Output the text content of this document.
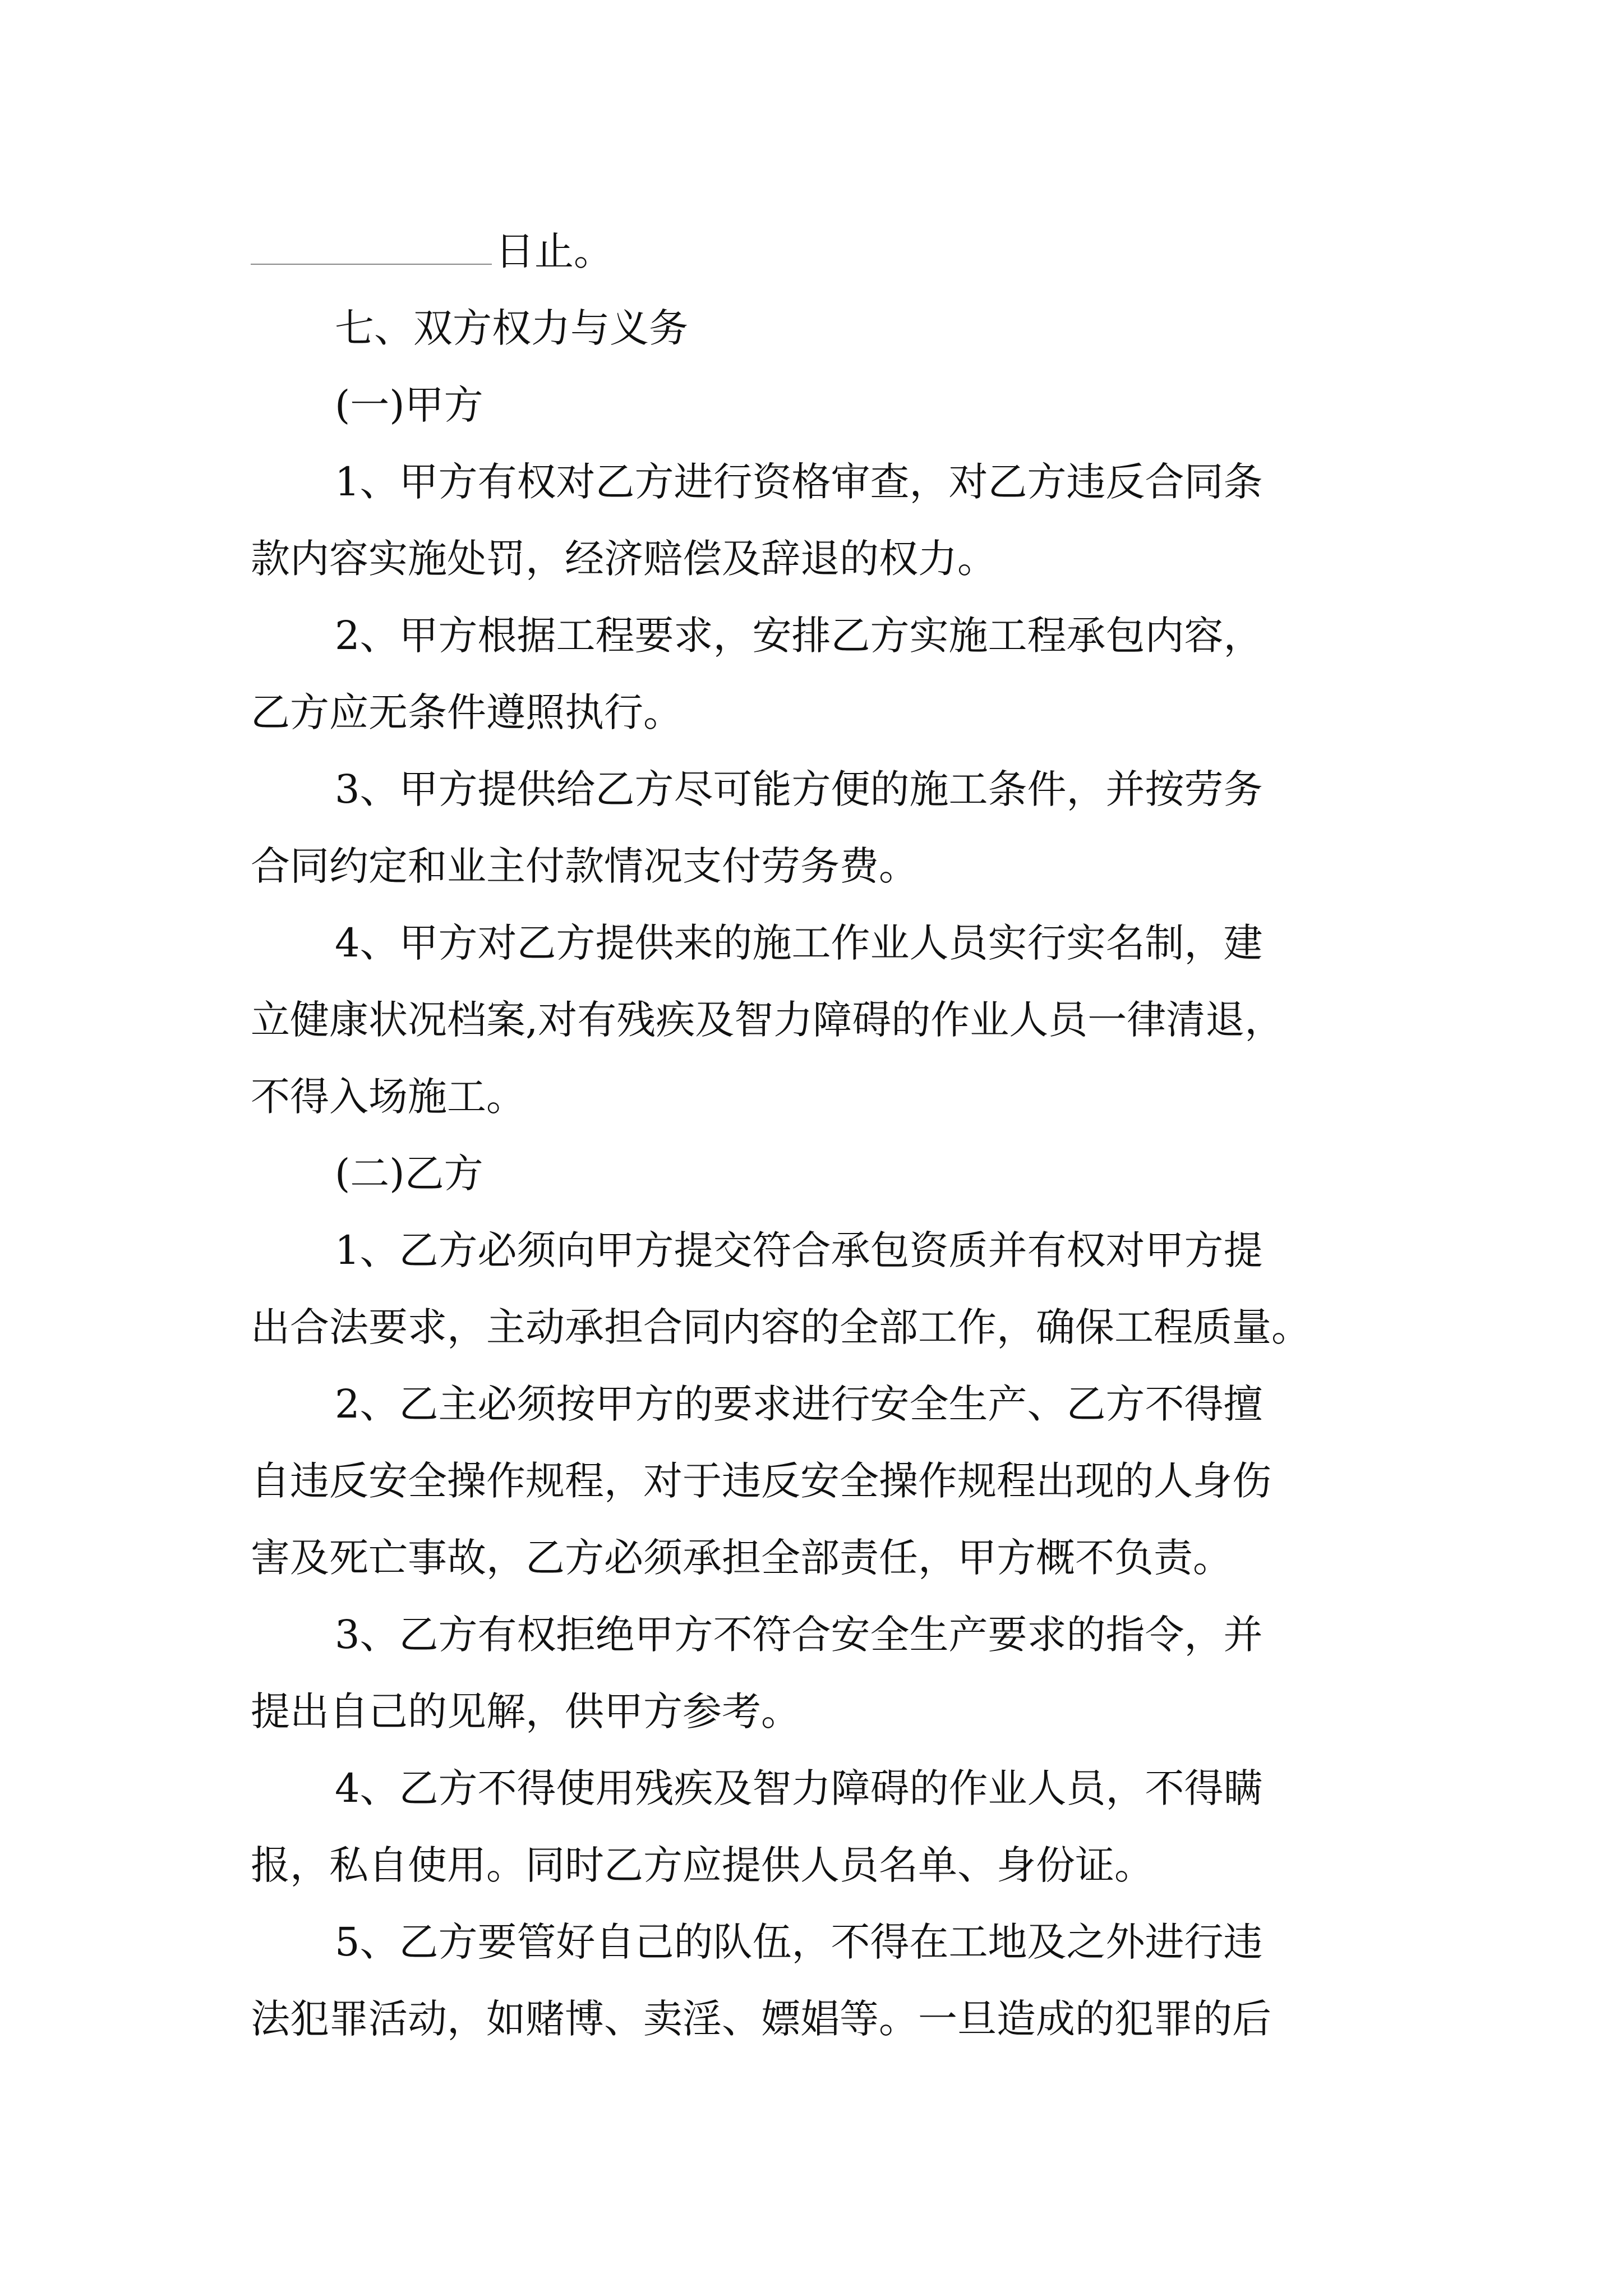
日止。
七、双方权力与义务
(一)甲方
1、甲方有权对乙方进行资格审查，对乙方违反合同条
款内容实施处罚，经济赔偿及辞退的权力。
2、甲方根据工程要求，安排乙方实施工程承包内容，
乙方应无条件遵照执行。
3、甲方提供给乙方尽可能方便的施工条件，并按劳务
合同约定和业主付款情况支付劳务费。
4、甲方对乙方提供来的施工作业人员实行实名制，建
立健康状况档案,对有残疾及智力障碍的作业人员一律清退，
不得入场施工。
(二)乙方
1、乙方必须向甲方提交符合承包资质并有权对甲方提
出合法要求，主动承担合同内容的全部工作，确保工程质量。
2、乙主必须按甲方的要求进行安全生产、乙方不得擅
自违反安全操作规程，对于违反安全操作规程出现的人身伤
害及死亡事故，乙方必须承担全部责任，甲方概不负责。
3、乙方有权拒绝甲方不符合安全生产要求的指令，并
提出自己的见解，供甲方参考。
4、乙方不得使用残疾及智力障碍的作业人员，不得瞒
报，私自使用。同时乙方应提供人员名单、身份证。
5、乙方要管好自己的队伍，不得在工地及之外进行违
法犯罪活动，如赌博、卖淫、嫖娼等。一旦造成的犯罪的后
